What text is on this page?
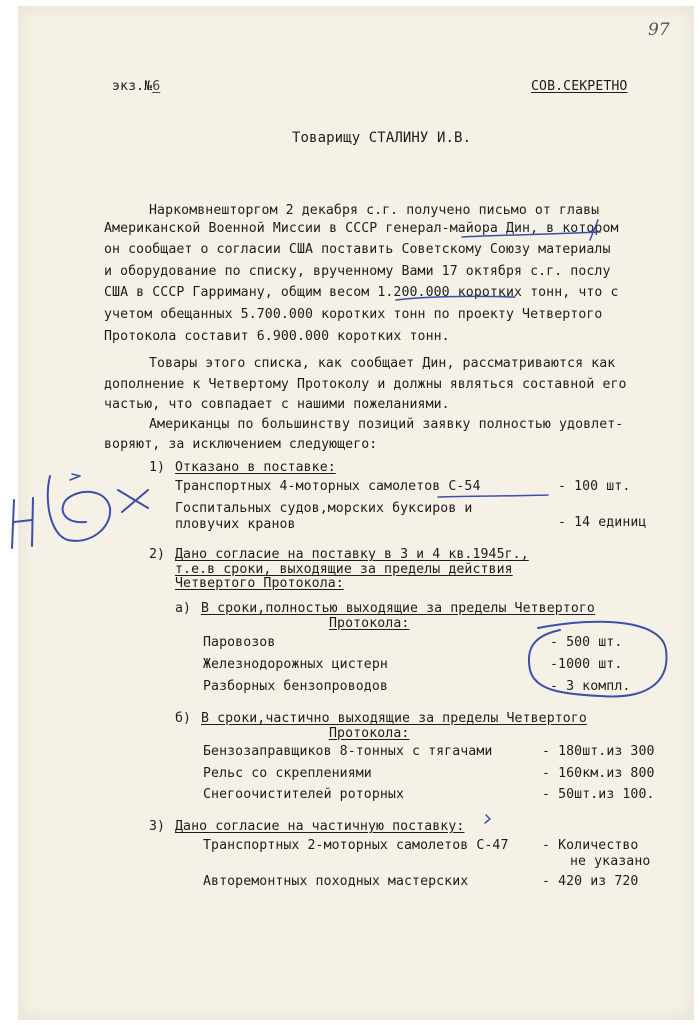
97
экз.№6	СОВ.СЕКРЕТНО
Товарищу СТАЛИНУ И.В.
Наркомвнешторгом 2 декабря с.г. получено письмо от главы
Американской Военной Миссии в СССР генерал-майора Дин, в котором
он сообщает о согласии США поставить Советскому Союзу материалы
и оборудование по списку, врученному Вами 17 октября с.г. послу
США в СССР Гарриману, общим весом 1.200.000 коротких тонн, что с
учетом обещанных 5.700.000 коротких тонн по проекту Четвертого
Протокола составит 6.900.000 коротких тонн.
Товары этого списка, как сообщает Дин, рассматриваются как
дополнение к Четвертому Протоколу и должны являться составной его
частью, что совпадает с нашими пожеланиями.
Американцы по большинству позиций заявку полностью удовлет-
воряют, за исключением следующего:
1) Отказано в поставке:
Транспортных 4-моторных самолетов С-54	- 100 шт.
Госпитальных судов,морских буксиров и
пловучих кранов	- 14 единиц
2) Дано согласие на поставку в 3 и 4 кв.1945г.,
т.е.в сроки, выходящие за пределы действия
Четвертого Протокола:
а) В сроки,полностью выходящие за пределы Четвертого
Протокола:
Паровозов	- 500 шт.
Железнодорожных цистерн	-1000 шт.
Разборных бензопроводов	- 3 компл.
б) В сроки,частично выходящие за пределы Четвертого
Протокола:
Бензозаправщиков 8-тонных с тягачами	- 180шт.из 300
Рельс со скреплениями	- 160км.из 800
Снегоочистителей роторных	- 50шт.из 100.
3) Дано согласие на частичную поставку:
Транспортных 2-моторных самолетов С-47	- Количество
не указано
Авторемонтных походных мастерских	- 420 из 720
